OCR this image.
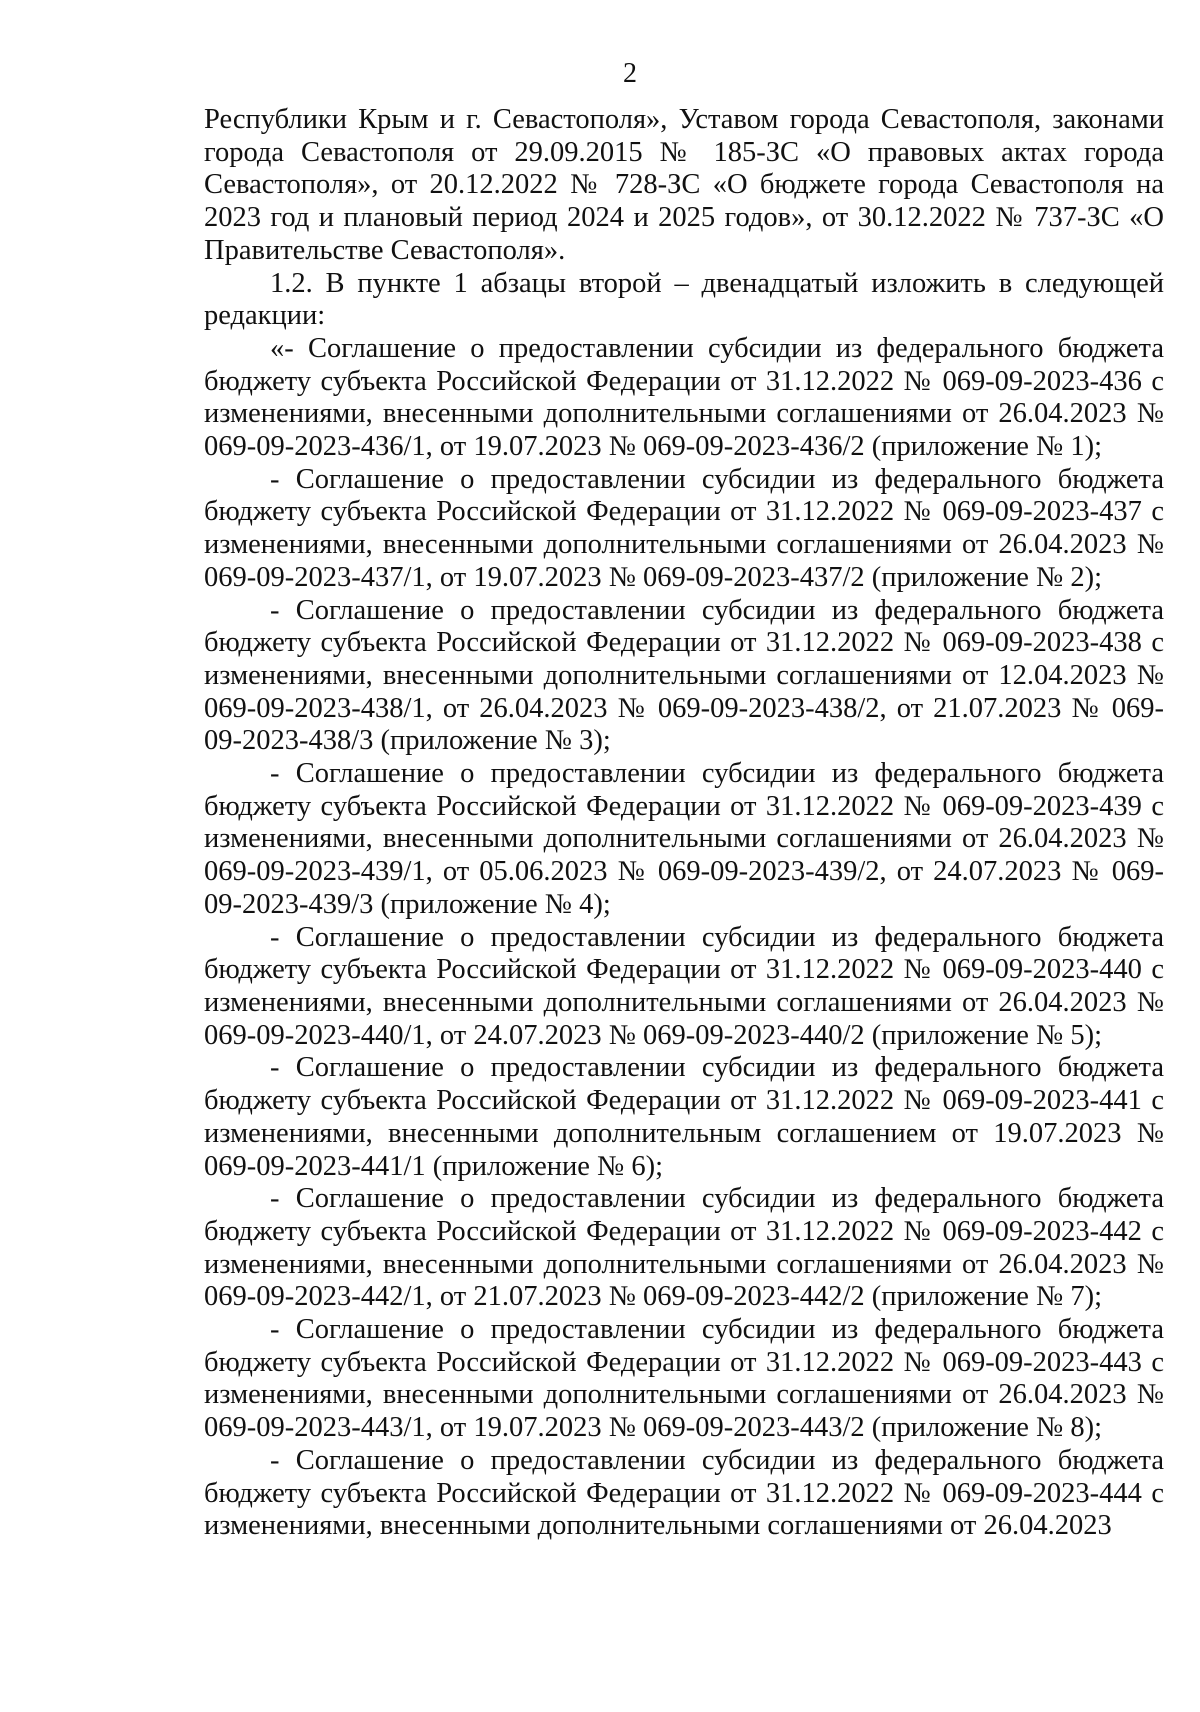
2

Республики Крым и г. Севастополя», Уставом города Севастополя, законами города Севастополя от 29.09.2015 № 185-ЗС «О правовых актах города Севастополя», от 20.12.2022 № 728-ЗС «О бюджете города Севастополя на 2023 год и плановый период 2024 и 2025 годов», от 30.12.2022 № 737-ЗС «О Правительстве Севастополя».

1.2. В пункте 1 абзацы второй – двенадцатый изложить в следующей редакции:

«- Соглашение о предоставлении субсидии из федерального бюджета бюджету субъекта Российской Федерации от 31.12.2022 № 069-09-2023-436 с изменениями, внесенными дополнительными соглашениями от 26.04.2023 № 069-09-2023-436/1, от 19.07.2023 № 069-09-2023-436/2 (приложение № 1);

- Соглашение о предоставлении субсидии из федерального бюджета бюджету субъекта Российской Федерации от 31.12.2022 № 069-09-2023-437 с изменениями, внесенными дополнительными соглашениями от 26.04.2023 № 069-09-2023-437/1, от 19.07.2023 № 069-09-2023-437/2 (приложение № 2);

- Соглашение о предоставлении субсидии из федерального бюджета бюджету субъекта Российской Федерации от 31.12.2022 № 069-09-2023-438 с изменениями, внесенными дополнительными соглашениями от 12.04.2023 № 069-09-2023-438/1, от 26.04.2023 № 069-09-2023-438/2, от 21.07.2023 № 069-09-2023-438/3 (приложение № 3);

- Соглашение о предоставлении субсидии из федерального бюджета бюджету субъекта Российской Федерации от 31.12.2022 № 069-09-2023-439 с изменениями, внесенными дополнительными соглашениями от 26.04.2023 № 069-09-2023-439/1, от 05.06.2023 № 069-09-2023-439/2, от 24.07.2023 № 069-09-2023-439/3 (приложение № 4);

- Соглашение о предоставлении субсидии из федерального бюджета бюджету субъекта Российской Федерации от 31.12.2022 № 069-09-2023-440 с изменениями, внесенными дополнительными соглашениями от 26.04.2023 № 069-09-2023-440/1, от 24.07.2023 № 069-09-2023-440/2 (приложение № 5);

- Соглашение о предоставлении субсидии из федерального бюджета бюджету субъекта Российской Федерации от 31.12.2022 № 069-09-2023-441 с изменениями, внесенными дополнительным соглашением от 19.07.2023 № 069-09-2023-441/1 (приложение № 6);

- Соглашение о предоставлении субсидии из федерального бюджета бюджету субъекта Российской Федерации от 31.12.2022 № 069-09-2023-442 с изменениями, внесенными дополнительными соглашениями от 26.04.2023 № 069-09-2023-442/1, от 21.07.2023 № 069-09-2023-442/2 (приложение № 7);

- Соглашение о предоставлении субсидии из федерального бюджета бюджету субъекта Российской Федерации от 31.12.2022 № 069-09-2023-443 с изменениями, внесенными дополнительными соглашениями от 26.04.2023 № 069-09-2023-443/1, от 19.07.2023 № 069-09-2023-443/2 (приложение № 8);

- Соглашение о предоставлении субсидии из федерального бюджета бюджету субъекта Российской Федерации от 31.12.2022 № 069-09-2023-444 с изменениями, внесенными дополнительными соглашениями от 26.04.2023
